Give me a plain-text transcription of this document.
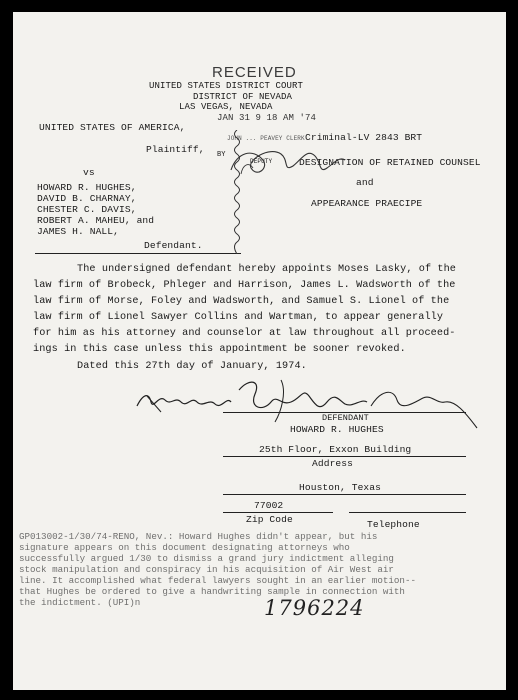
RECEIVED
UNITED STATES DISTRICT COURT
DISTRICT OF NEVADA
LAS VEGAS, NEVADA
JAN 31 9 18 AM '74
JOHN ... PEAVEY CLERK
BY
DEPUTY
UNITED STATES OF AMERICA,
Plaintiff,
vs
HOWARD R. HUGHES,
DAVID B. CHARNAY,
CHESTER C. DAVIS,
ROBERT A. MAHEU, and
JAMES H. NALL,
Defendant.
Criminal-LV 2843 BRT
DESIGNATION OF RETAINED COUNSEL
and
APPEARANCE PRAECIPE
The undersigned defendant hereby appoints Moses Lasky, of the
law firm of Brobeck, Phleger and Harrison, James L. Wadsworth of the
law firm of Morse, Foley and Wadsworth, and Samuel S. Lionel of the
law firm of Lionel Sawyer Collins and Wartman, to appear generally
for him as his attorney and counselor at law throughout all proceed-
ings in this case unless this appointment be sooner revoked.
Dated this 27th day of January, 1974.
DEFENDANT
HOWARD R. HUGHES
25th Floor, Exxon Building
Address
Houston, Texas
77002
Zip Code	Telephone
GP013002-1/30/74-RENO, Nev.: Howard Hughes didn't appear, but his
signature appears on this document designating attorneys who
successfully argued 1/30 to dismiss a grand jury indictment alleging
stock manipulation and conspiracy in his acquisition of Air West air
line. It accomplished what federal lawyers sought in an earlier motion--
that Hughes be ordered to give a handwriting sample in connection with
the indictment. (UPI)n	1796224
